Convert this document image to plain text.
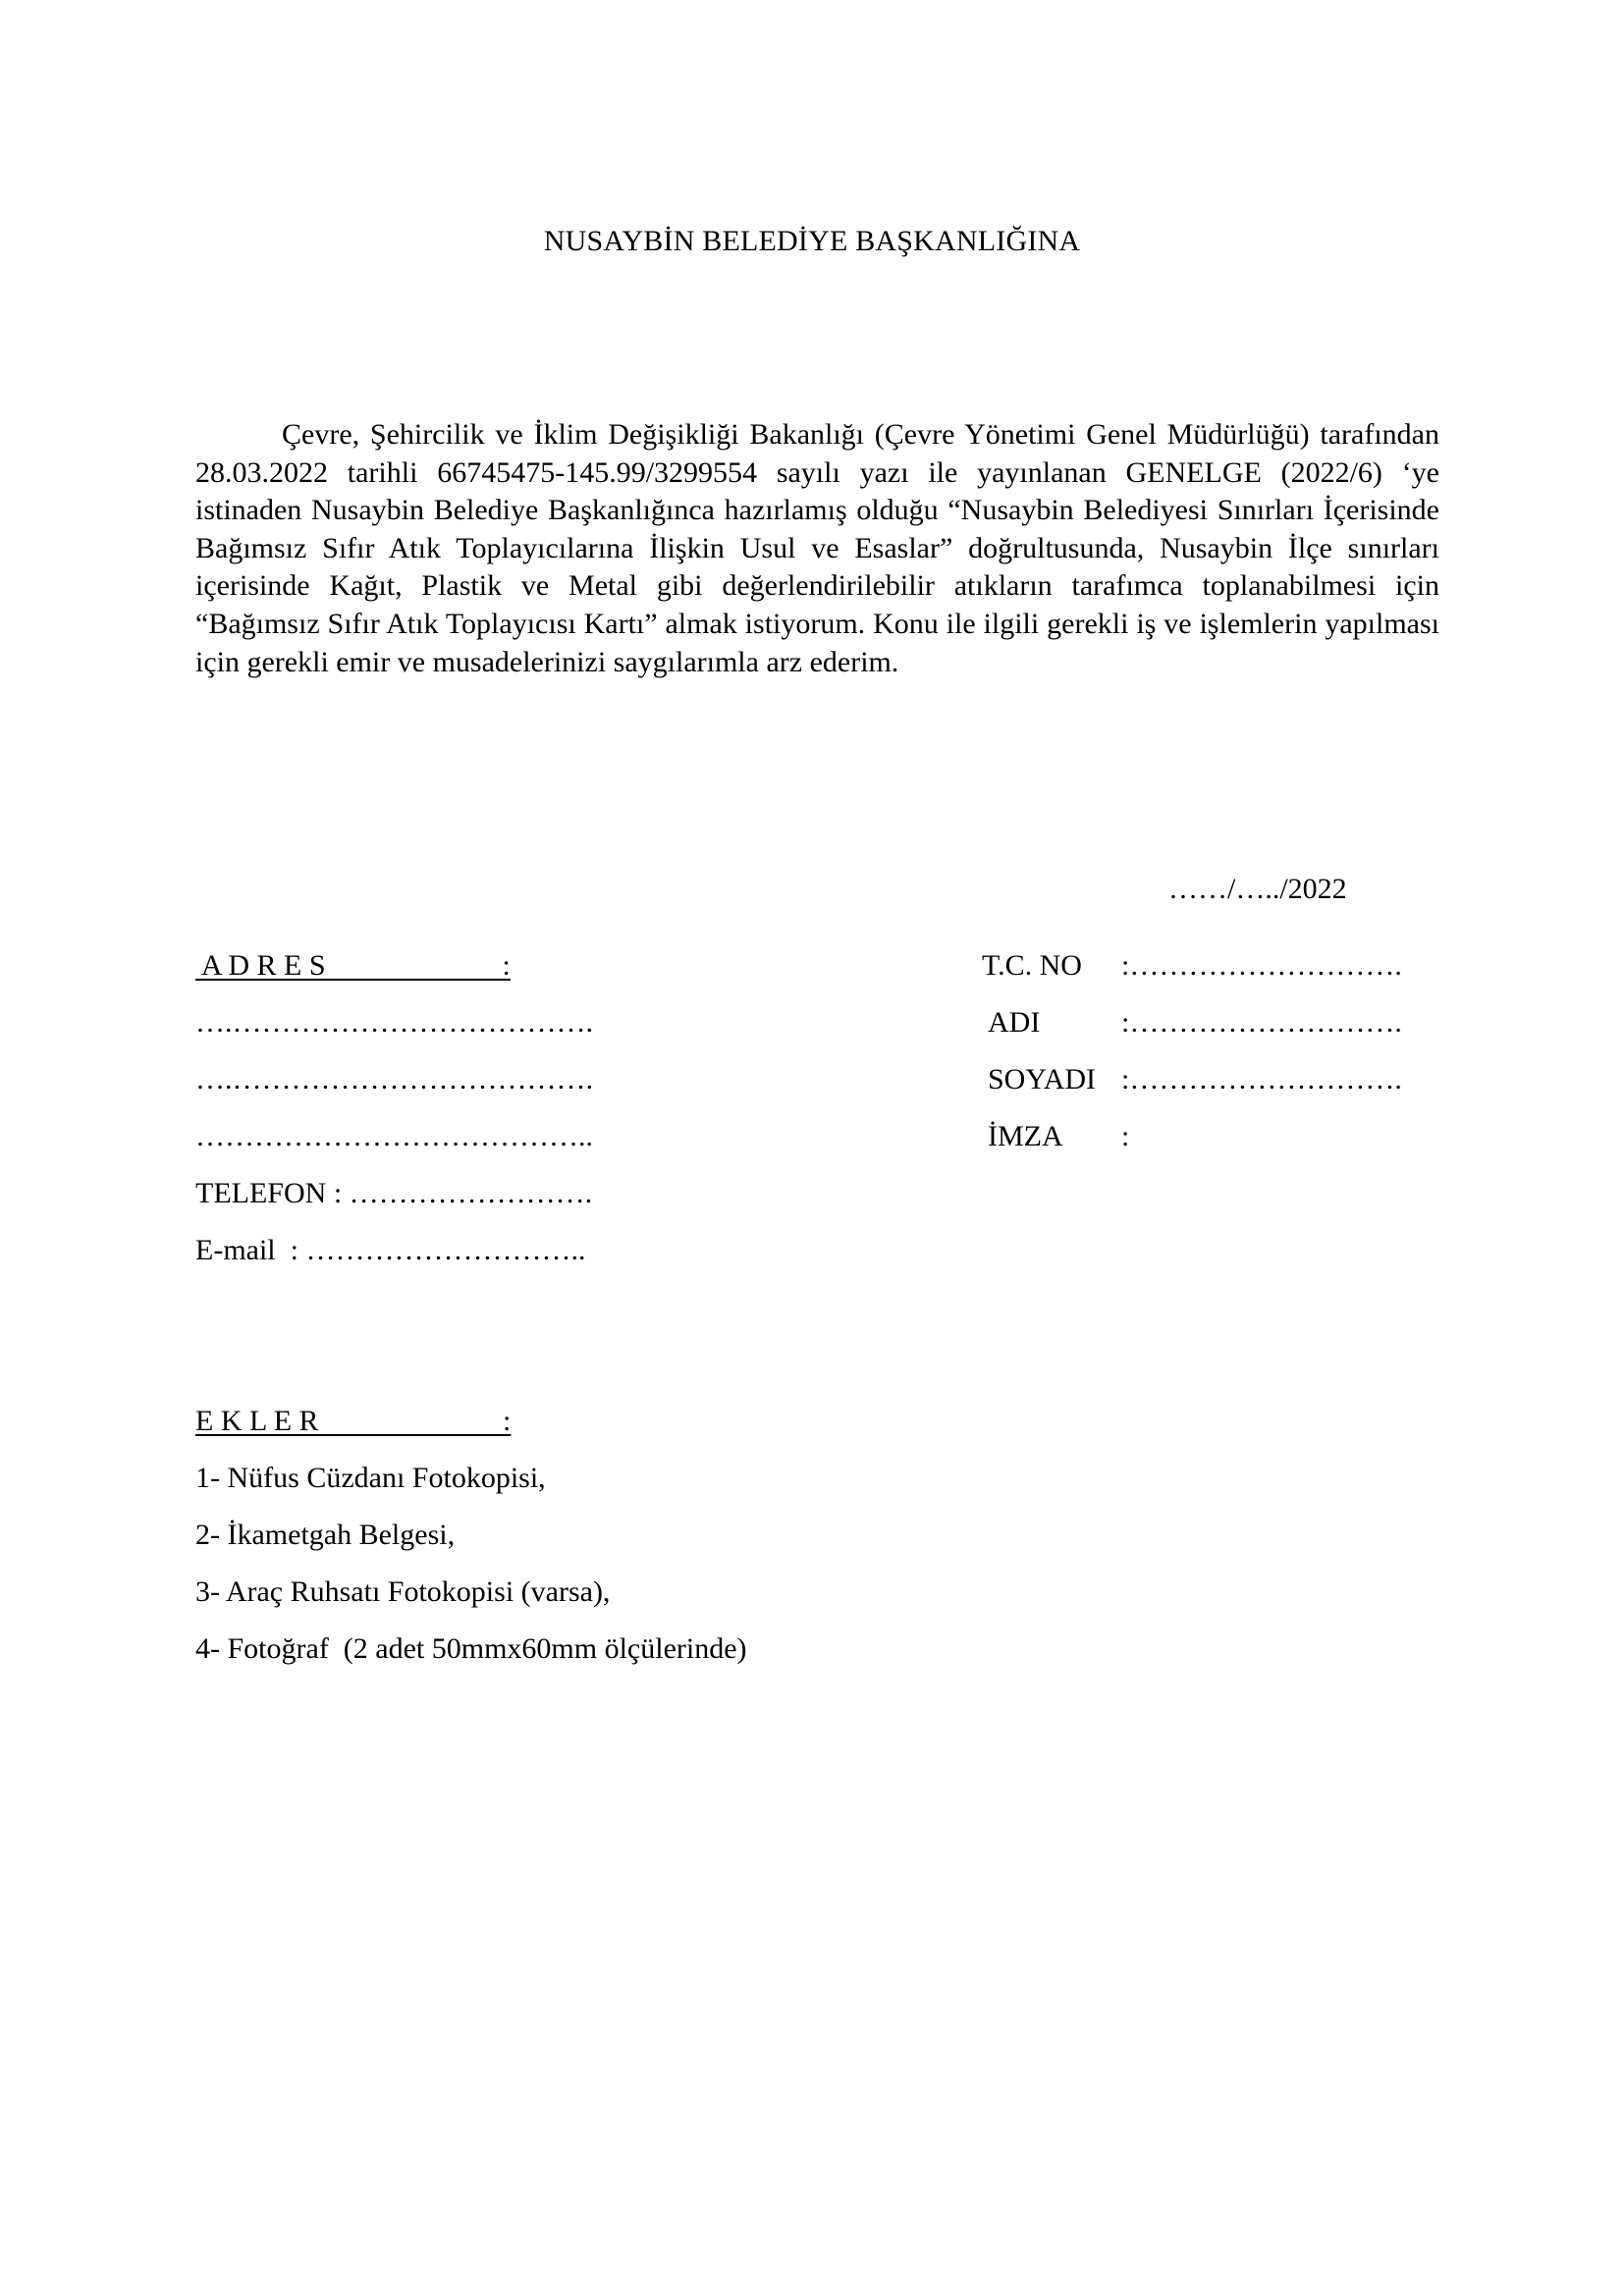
NUSAYBİN BELEDİYE BAŞKANLIĞINA

Çevre, Şehircilik ve İklim Değişikliği Bakanlığı (Çevre Yönetimi Genel Müdürlüğü) tarafından 28.03.2022 tarihli 66745475-145.99/3299554 sayılı yazı ile yayınlanan GENELGE (2022/6) ‘ye istinaden Nusaybin Belediye Başkanlığınca hazırlamış olduğu “Nusaybin Belediyesi Sınırları İçerisinde Bağımsız Sıfır Atık Toplayıcılarına İlişkin Usul ve Esaslar” doğrultusunda, Nusaybin İlçe sınırları içerisinde Kağıt, Plastik ve Metal gibi değerlendirilebilir atıkların tarafımca toplanabilmesi için “Bağımsız Sıfır Atık Toplayıcısı Kartı” almak istiyorum. Konu ile ilgili gerekli iş ve işlemlerin yapılması için gerekli emir ve musadelerinizi saygılarımla arz ederim.

……/…../2022
A D R E S                        :
….……………………………….
….……………………………….
…………………………………..
TELEFON : …………………….
E-mail  : ………………………..
T.C. NO :……………………….
ADI	:……………………….
SOYADI :……………………….
İMZA :
E K L E R                         :
1- Nüfus Cüzdanı Fotokopisi,
2- İkametgah Belgesi,
3- Araç Ruhsatı Fotokopisi (varsa),
4- Fotoğraf  (2 adet 50mmx60mm ölçülerinde)
